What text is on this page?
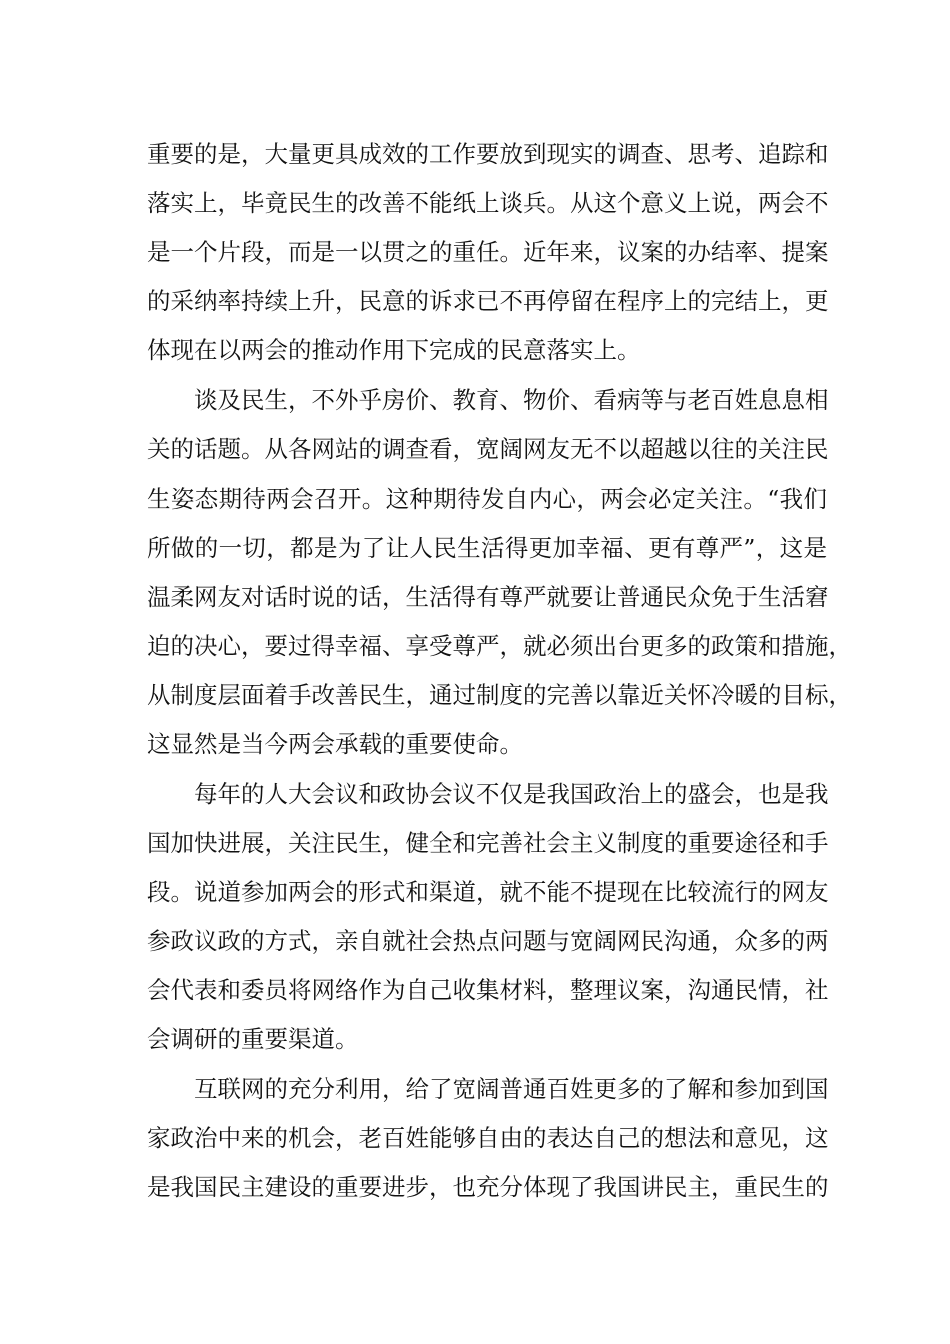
重要的是，大量更具成效的工作要放到现实的调查、思考、追踪和
落实上，毕竟民生的改善不能纸上谈兵。从这个意义上说，两会不
是一个片段，而是一以贯之的重任。近年来，议案的办结率、提案
的采纳率持续上升，民意的诉求已不再停留在程序上的完结上，更
体现在以两会的推动作用下完成的民意落实上。
谈及民生，不外乎房价、教育、物价、看病等与老百姓息息相
关的话题。从各网站的调查看，宽阔网友无不以超越以往的关注民
生姿态期待两会召开。这种期待发自内心，两会必定关注。“我们
所做的一切，都是为了让人民生活得更加幸福、更有尊严”，这是
温柔网友对话时说的话，生活得有尊严就要让普通民众免于生活窘
迫的决心，要过得幸福、享受尊严，就必须出台更多的政策和措施，
从制度层面着手改善民生，通过制度的完善以靠近关怀冷暖的目标，
这显然是当今两会承载的重要使命。
每年的人大会议和政协会议不仅是我国政治上的盛会，也是我
国加快进展，关注民生，健全和完善社会主义制度的重要途径和手
段。说道参加两会的形式和渠道，就不能不提现在比较流行的网友
参政议政的方式，亲自就社会热点问题与宽阔网民沟通，众多的两
会代表和委员将网络作为自己收集材料，整理议案，沟通民情，社
会调研的重要渠道。
互联网的充分利用，给了宽阔普通百姓更多的了解和参加到国
家政治中来的机会，老百姓能够自由的表达自己的想法和意见，这
是我国民主建设的重要进步，也充分体现了我国讲民主，重民生的
